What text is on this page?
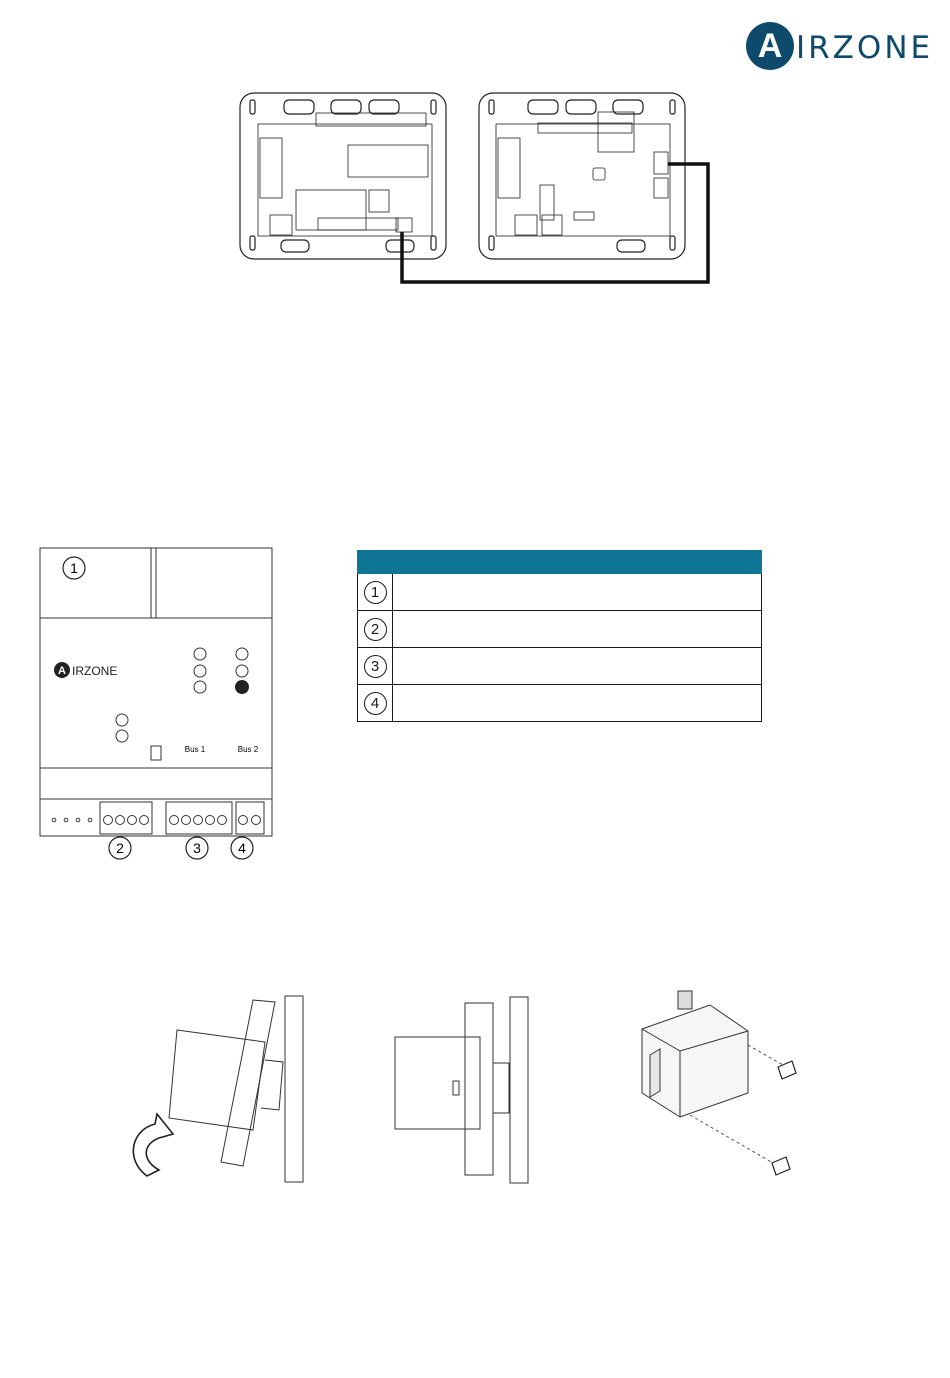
A IRZONE
1
2	3	4
A IRZONE
Bus 1	Bus 2

1	
2	
3	
4	
